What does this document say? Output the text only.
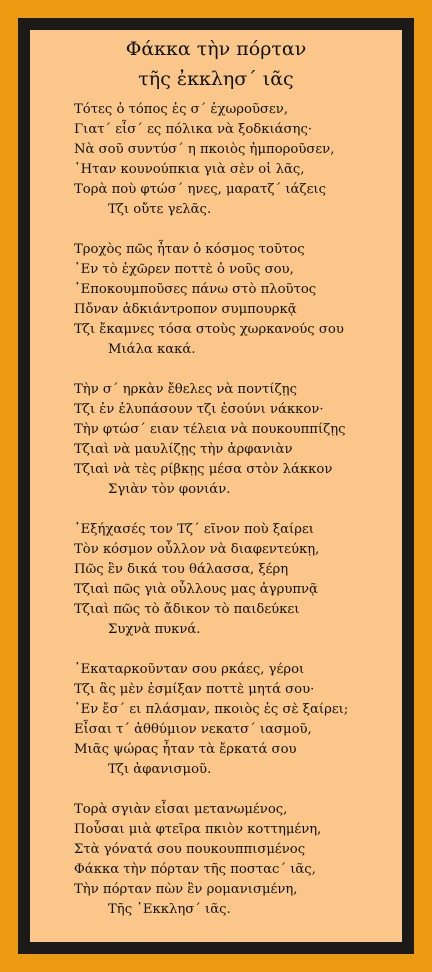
Φάκκα τὴν πόρταν
τῆς ἐκκλησ΄ ιᾶς
Τότες ὁ τόπος ἐς σ΄ ἐχωροῦσεν,
Γιατ΄ εἶσ΄ ες πόλικα νὰ ξοδκιάσης·
Νὰ σοῦ συντύσ΄ η πκοιὸς ἠμποροῦσεν,
῾Ηταν κουνούπκια γιὰ σὲν οἱ λᾶς,
Τορὰ ποὺ φτώσ΄ ηνες, μαρατζ΄ ιάζεις
Τζι οὔτε γελᾶς.
Τροχὸς πῶς ἦταν ὁ κόσμος τοῦτος
῾Εν τὸ ἐχῶρεν ποττὲ ὁ νοῦς σου,
᾿Εποκουμποῦσες πάνω στὸ πλοῦτος
Πὄναν ἀδκιάντροπον συμπουρκᾷ
Τζι ἔκαμνες τόσα στοὺς χωρκανούς σου
Μιάλα κακά.
Τὴν σ΄ ηρκὰν ἔθελες νὰ ποντίζῃς
Τζι ἐν ἐλυπάσουν τζι ἐσούνι νάκκον·
Τὴν φτώσ΄ ειαν τέλεια νὰ πουκουππίζῃς
Τζιαὶ νὰ μαυλίζῃς τὴν ἀρφανιὰν
Τζιαὶ νὰ τὲς ρίβκῃς μέσα στὸν λάκκον
Σγιὰν τὸν φονιάν.
᾿Εξήχασές τον Τζ΄ εῖνον ποὺ ξαίρει
Τὸν κόσμον οὖλλον νὰ διαφεντεύκῃ,
Πῶς ἒν δικά του θάλασσα, ξέρη
Τζιαὶ πῶς γιὰ οὖλλους μας ἀγρυπνᾷ
Τζιαὶ πῶς τὸ ἄδικον τὸ παιδεύκει
Συχνὰ πυκνά.
᾿Εκαταρκοῦνταν σου ρκάες, γέροι
Τζι ἂς μὲν ἐσμίξαν ποττὲ μητά σου·
῾Εν ἔσ΄ ει πλάσμαν, πκοιὸς ἐς σὲ ξαίρει;
Εἶσαι τ΄ ἀθθύμιον νεκατσ΄ ιασμοῦ,
Μιᾶς ψώρας ἦταν τὰ ἔρκατά σου
Τζι ἀφανισμοῦ.
Τορὰ σγιὰν εἶσαι μετανωμένος,
Ποὖσαι μιὰ φτεῖρα πκιὸν κοττημένη,
Στὰ γόνατά σου πουκουππισμένος
Φάκκα τὴν πόρταν τῆς ποσταϲ΄ ιᾶς,
Τὴν πόρταν πὼν ἒν ρομανισμένη,
Τῆς ᾿Εκκλησ΄ ιᾶς.
